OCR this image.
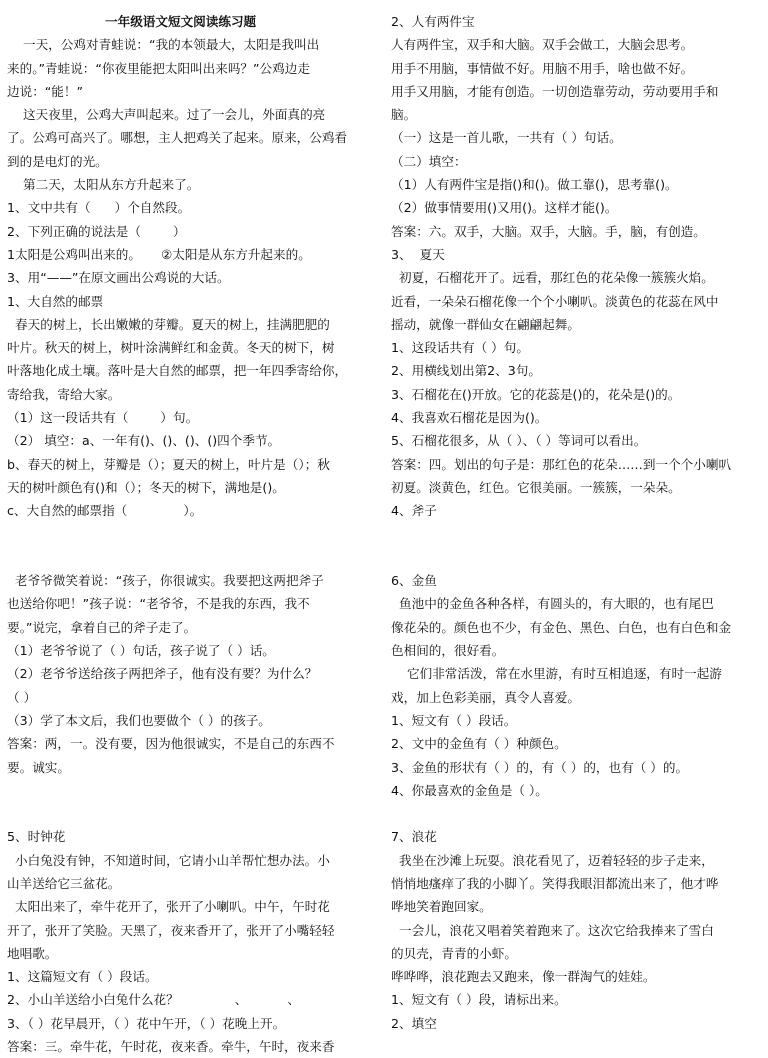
一年级语文短文阅读练习题
一天，公鸡对青蛙说：“我的本领最大，太阳是我叫出
来的。”青蛙说：“你夜里能把太阳叫出来吗？”公鸡边走
边说：“能！”
这天夜里，公鸡大声叫起来。过了一会儿，外面真的亮
了。公鸡可高兴了。哪想，主人把鸡关了起来。原来，公鸡看
到的是电灯的光。
第二天，太阳从东方升起来了。
1、文中共有（      ）个自然段。
2、下列正确的说法是（        ）
1太阳是公鸡叫出来的。     ②太阳是从东方升起来的。
3、用“——”在原文画出公鸡说的大话。
1、大自然的邮票
春天的树上，长出嫩嫩的芽瓣。夏天的树上，挂满肥肥的
叶片。秋天的树上，树叶涂满鲜红和金黄。冬天的树下，树
叶落地化成土壤。落叶是大自然的邮票，把一年四季寄给你，
寄给我，寄给大家。
（1）这一段话共有（        ）句。
（2） 填空：a、一年有()、()、()、()四个季节。
b、春天的树上，芽瓣是（）；夏天的树上，叶片是（）；秋
天的树叶颜色有()和（）；冬天的树下，满地是()。
c、大自然的邮票指（              ）。
老爷爷微笑着说：“孩子，你很诚实。我要把这两把斧子
也送给你吧！”孩子说：“老爷爷，不是我的东西，我不
要。”说完，拿着自己的斧子走了。
（1）老爷爷说了（ ）句话，孩子说了（ ）话。
（2）老爷爷送给孩子两把斧子，他有没有要？为什么？
（ ）
（3）学了本文后，我们也要做个（ ）的孩子。
答案：两，一。没有要，因为他很诚实，不是自己的东西不
要。诚实。
5、时钟花
小白兔没有钟，不知道时间，它请小山羊帮忙想办法。小
山羊送给它三盆花。
太阳出来了，牵牛花开了，张开了小喇叭。中午，午时花
开了，张开了笑脸。天黑了，夜来香开了，张开了小嘴轻轻
地唱歌。
1、这篇短文有（ ）段话。
2、小山羊送给小白兔什么花？              、          、
3、（ ）花早晨开，（ ）花中午开，（ ）花晚上开。
答案：三。牵牛花，午时花，夜来香。牵牛，午时，夜来香
2、人有两件宝
人有两件宝，双手和大脑。双手会做工，大脑会思考。
用手不用脑，事情做不好。用脑不用手，啥也做不好。
用手又用脑，才能有创造。一切创造靠劳动，劳动要用手和
脑。
（一）这是一首儿歌，一共有（ ）句话。
（二）填空：
（1）人有两件宝是指()和()。做工靠()，思考靠()。
（2）做事情要用()又用()。这样才能()。
答案：六。双手，大脑。双手，大脑。手，脑，有创造。
3、  夏天
初夏，石榴花开了。远看，那红色的花朵像一簇簇火焰。
近看，一朵朵石榴花像一个个小喇叭。淡黄色的花蕊在风中
摇动，就像一群仙女在翩翩起舞。
1、这段话共有（ ）句。
2、用横线划出第2、3句。
3、石榴花在()开放。它的花蕊是()的，花朵是()的。
4、我喜欢石榴花是因为()。
5、石榴花很多，从（ ）、（ ）等词可以看出。
答案：四。划出的句子是：那红色的花朵……到一个个小喇叭
初夏。淡黄色，红色。它很美丽。一簇簇，一朵朵。
4、斧子
6、金鱼
鱼池中的金鱼各种各样，有圆头的，有大眼的，也有尾巴
像花朵的。颜色也不少，有金色、黑色、白色，也有白色和金
色相间的，很好看。
它们非常活泼，常在水里游，有时互相追逐，有时一起游
戏，加上色彩美丽，真令人喜爱。
1、短文有（ ）段话。
2、文中的金鱼有（ ）种颜色。
3、金鱼的形状有（ ）的，有（ ）的，也有（ ）的。
4、你最喜欢的金鱼是（ ）。
7、浪花
我坐在沙滩上玩耍。浪花看见了，迈着轻轻的步子走来，
悄悄地瘙痒了我的小脚丫。笑得我眼泪都流出来了，他才哗
哗地笑着跑回家。
一会儿，浪花又唱着笑着跑来了。这次它给我捧来了雪白
的贝壳，青青的小虾。
哗哗哗，浪花跑去又跑来，像一群淘气的娃娃。
1、短文有（ ）段，请标出来。
2、填空
